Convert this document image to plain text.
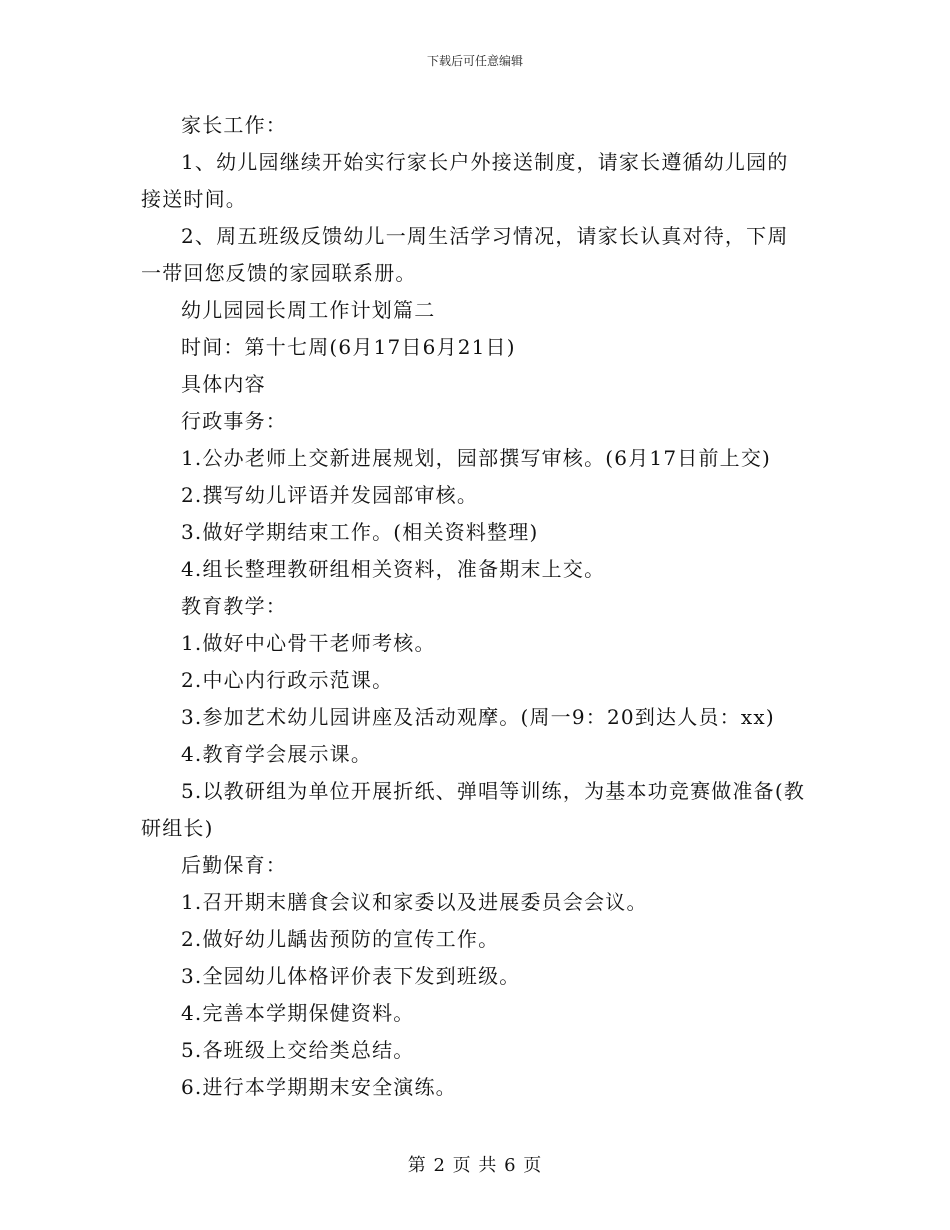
下载后可任意编辑

家长工作：

1、幼儿园继续开始实行家长户外接送制度，请家长遵循幼儿园的接送时间。

2、周五班级反馈幼儿一周生活学习情况，请家长认真对待，下周一带回您反馈的家园联系册。

幼儿园园长周工作计划篇二

时间：第十七周(6月17日6月21日)

具体内容

行政事务：

1.公办老师上交新进展规划，园部撰写审核。(6月17日前上交)

2.撰写幼儿评语并发园部审核。

3.做好学期结束工作。(相关资料整理)

4.组长整理教研组相关资料，准备期末上交。

教育教学：

1.做好中心骨干老师考核。

2.中心内行政示范课。

3.参加艺术幼儿园讲座及活动观摩。(周一9：20到达人员：xx)

4.教育学会展示课。

5.以教研组为单位开展折纸、弹唱等训练，为基本功竞赛做准备(教研组长)

后勤保育：

1.召开期末膳食会议和家委以及进展委员会会议。

2.做好幼儿龋齿预防的宣传工作。

3.全园幼儿体格评价表下发到班级。

4.完善本学期保健资料。

5.各班级上交给类总结。

6.进行本学期期末安全演练。

第 2 页 共 6 页
